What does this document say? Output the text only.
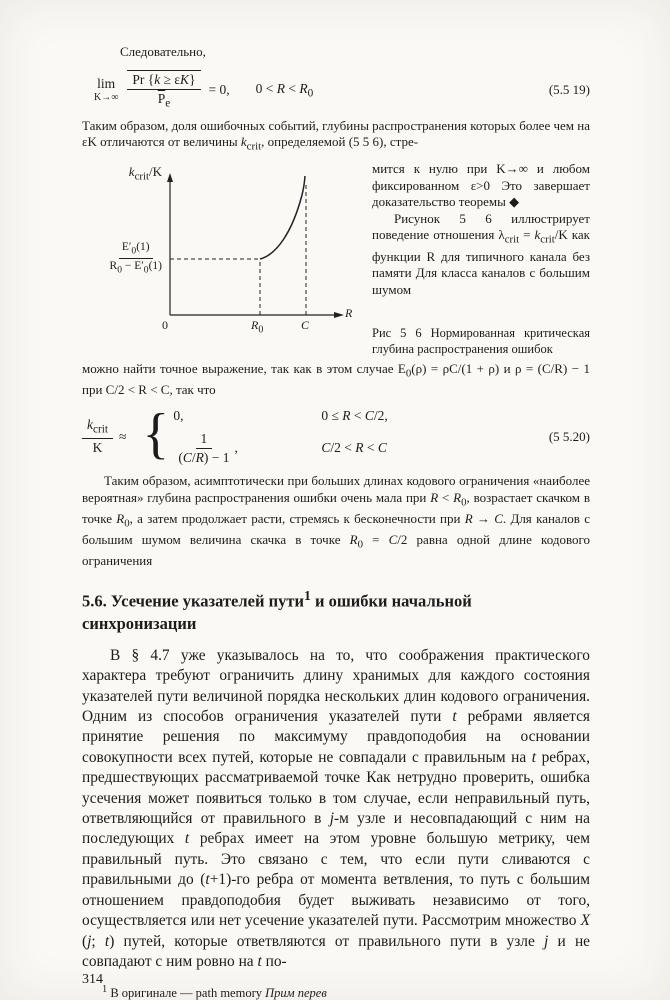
Следовательно,

lim
$K\to\infty \frac{Pr \{k \ge \varepsilon K\}}{\overline{P}_e} = 0$, $0 < R < R_0$	(5.5 19)

Таким образом, доля ошибочных событий, глубины распространения которых более чем на εK отличаются от величины $k_{crit}$, определяемой (5 5 6), стре-

$k_{crit}/K$
$\frac{E'_0(1)}{R_0 - E'_0(1)}$
0	$R_0$	C
R

мится к нулю при K→∞ и любом фиксированном ε>0 Это завершает доказательство теоремы ◆

Рисунок 5 6 иллюстрирует поведение отношения $\lambda_{crit} = k_{crit}/K$ как функции R для типичного канала без памяти Для класса каналов с большим шумом

Рис 5 6 Нормированная критическая глубина распространения ошибок

можно найти точное выражение, так как в этом случае $E_0(\rho) = \rho C/(1 + \rho)$ и ρ = (C/R) − 1 при C/2 < R < C, так что

$\frac{k_{crit}}{K}$ ≈ { 0,	0 ≤ R < C/2,
$\frac{1}{(C/R) - 1}$ ,	C/2 < R < C
(5 5.20)

Таким образом, асимптотически при больших длинах кодового ограничения «наиболее вероятная» глубина распространения ошибки очень мала при $R < R_0$, возрастает скачком в точке $R_0$, а затем продолжает расти, стремясь к бесконечности при R → C. Для каналов с большим шумом величина скачка в точке $R_0 = C/2$ равна одной длине кодового ограничения

5.6. Усечение указателей пути$^1$ и ошибки начальной синхронизации

В § 4.7 уже указывалось на то, что соображения практического характера требуют ограничить длину хранимых для каждого состояния указателей пути величиной порядка нескольких длин кодового ограничения. Одним из способов ограничения указателей пути t ребрами является принятие решения по максимуму правдоподобия на основании совокупности всех путей, которые не совпадали с правильным на t ребрах, предшествующих рассматриваемой точке Как нетрудно проверить, ошибка усечения может появиться только в том случае, если неправильный путь, ответвляющийся от правильного в j-м узле и несовпадающий с ним на последующих t ребрах имеет на этом уровне большую метрику, чем правильный путь. Это связано с тем, что если пути сливаются с правильными до (t+1)-го ребра от момента ветвления, то путь с большим отношением правдоподобия будет выживать независимо от того, осуществляется или нет усечение указателей пути. Рассмотрим множество X (j; t) путей, которые ответвляются от правильного пути в узле j и не совпадают с ним ровно на t по-

$^1$ В оригинале — path memory Прим перев
314
